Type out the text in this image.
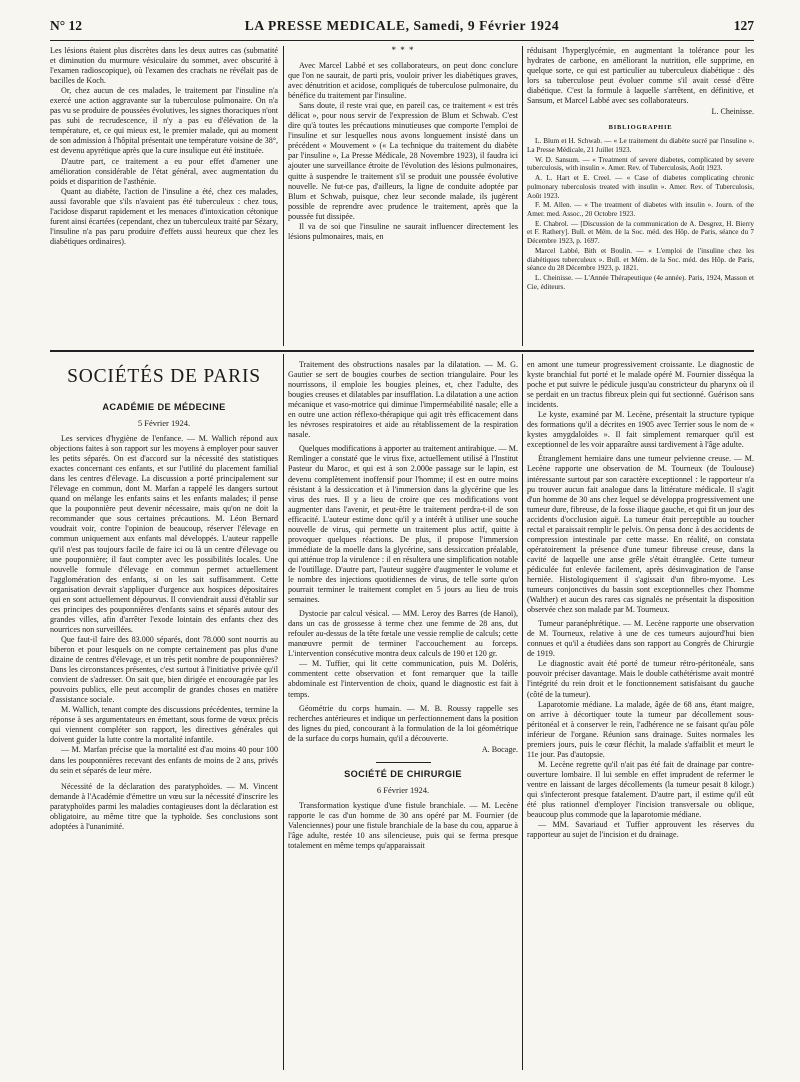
N° 12	LA PRESSE MEDICALE, Samedi, 9 Février 1924	127

Les lésions étaient plus discrètes dans les deux autres cas (submatité et diminution du murmure vésiculaire du sommet, avec obscurité à l'examen radioscopique), où l'examen des crachats ne révélait pas de bacilles de Koch.

Or, chez aucun de ces malades, le traitement par l'insuline n'a exercé une action aggravante sur la tuberculose pulmonaire. On n'a pas vu se produire de poussées évolutives, les signes thoraciques n'ont pas subi de recrudescence, il n'y a pas eu d'élévation de la température, et, ce qui mieux est, le premier malade, qui au moment de son admission à l'hôpital présentait une température voisine de 38°, est devenu apyrétique après que la cure insulique eut été instituée.

D'autre part, ce traitement a eu pour effet d'amener une amélioration considérable de l'état général, avec augmentation du poids et disparition de l'asthénie.

Quant au diabète, l'action de l'insuline a été, chez ces malades, aussi favorable que s'ils n'avaient pas été tuberculeux : chez tous, l'acidose disparut rapidement et les menaces d'intoxication cétonique furent ainsi écartées (cependant, chez un tuberculeux traité par Sézary, l'insuline n'a pas paru produire d'effets aussi heureux que chez les diabétiques ordinaires).

* * *

Avec Marcel Labbé et ses collaborateurs, on peut donc conclure que l'on ne saurait, de parti pris, vouloir priver les diabétiques graves, avec dénutrition et acidose, compliqués de tuberculose pulmonaire, du bénéfice du traitement par l'insuline.

Sans doute, il reste vrai que, en pareil cas, ce traitement « est très délicat », pour nous servir de l'expression de Blum et Schwab. C'est dire qu'à toutes les précautions minutieuses que comporte l'emploi de l'insuline et sur lesquelles nous avons longuement insisté dans un précédent « Mouvement » (« La technique du traitement du diabète par l'insuline », La Presse Médicale, 28 Novembre 1923), il faudra ici ajouter une surveillance étroite de l'évolution des lésions pulmonaires, quitte à suspendre le traitement s'il se produit une poussée évolutive nouvelle. Ne fut-ce pas, d'ailleurs, la ligne de conduite adoptée par Blum et Schwab, puisque, chez leur seconde malade, ils jugèrent possible de reprendre avec prudence le traitement, après que la poussée fut dissipée.

Il va de soi que l'insuline ne saurait influencer directement les lésions pulmonaires, mais, en

réduisant l'hyperglycémie, en augmentant la tolérance pour les hydrates de carbone, en améliorant la nutrition, elle supprime, en quelque sorte, ce qui est particulier au tuberculeux diabétique : dès lors sa tuberculose peut évoluer comme s'il avait cessé d'être diabétique. C'est la formule à laquelle s'arrêtent, en définitive, et Sansum, et Marcel Labbé avec ses collaborateurs.

L. Cheinisse.

BIBLIOGRAPHIE

L. Blum et H. Schwab. — « Le traitement du diabète sucré par l'insuline ». La Presse Médicale, 21 Juillet 1923.

W. D. Sansum. — « Treatment of severe diabetes, complicated by severe tuberculosis, with insulin ». Amer. Rev. of Tuberculosis, Août 1923.

A. L. Hart et E. Creel. — « Case of diabetes complicating chronic pulmonary tuberculosis treated with insulin ». Amer. Rev. of Tuberculosis, Août 1923.

F. M. Allen. — « The treatment of diabetes with insulin ». Journ. of the Amer. med. Assoc., 20 Octobre 1923.

E. Chabrol. — [Discussion de la communication de A. Desgrez, H. Bierry et F. Rathery]. Bull. et Mém. de la Soc. méd. des Hôp. de Paris, séance du 7 Décembre 1923, p. 1697.

Marcel Labbé, Bith et Boulin. — « L'emploi de l'insuline chez les diabétiques tuberculeux ». Bull. et Mém. de la Soc. méd. des Hôp. de Paris, séance du 28 Décembre 1923, p. 1821.

L. Cheinisse. — L'Année Thérapeutique (4e année). Paris, 1924, Masson et Cie, éditeurs.

SOCIÉTÉS DE PARIS
ACADÉMIE DE MÉDECINE
5 Février 1924.

Les services d'hygiène de l'enfance. — M. Wallich répond aux objections faites à son rapport sur les moyens à employer pour sauver les petits séparés. On est d'accord sur la nécessité des statistiques exactes concernant ces enfants, et sur l'utilité du placement familial dans les centres d'élevage. La discussion a porté principalement sur l'élevage en commun, dont M. Marfan a rappelé les dangers surtout quand on mélange les enfants sains et les enfants malades; il pense que la pouponnière peut devenir nécessaire, mais qu'on ne doit la recommander que sous certaines précautions. M. Léon Bernard voudrait voir, contre l'opinion de beaucoup, réserver l'élevage en commun uniquement aux enfants mal développés. L'auteur rappelle qu'il n'est pas toujours facile de faire ici ou là un centre d'élevage ou une pouponnière; il faut compter avec les possibilités locales. Une nouvelle formule d'élevage en commun permet actuellement l'agglomération des enfants, si on les sait suffisamment. Cette organisation devrait s'appliquer d'urgence aux hospices dépositaires qui en sont actuellement dépourvus. Il conviendrait aussi d'établir sur ces principes des pouponnières d'enfants sains et séparés autour des grandes villes, afin d'arrêter l'exode lointain des enfants chez des nourrices non surveillées.

Que faut-il faire des 83.000 séparés, dont 78.000 sont nourris au biberon et pour lesquels on ne compte certainement pas plus d'une dizaine de centres d'élevage, et un très petit nombre de pouponnières? Dans les circonstances présentes, c'est surtout à l'initiative privée qu'il convient de s'adresser. On sait que, bien dirigée et encouragée par les pouvoirs publics, elle peut accomplir de grandes choses en matière d'assistance sociale.

M. Wallich, tenant compte des discussions précédentes, termine la réponse à ses argumentateurs en émettant, sous forme de vœux précis qui viennent compléter son rapport, les directives générales qui doivent guider la lutte contre la mortalité infantile.

— M. Marfan précise que la mortalité est d'au moins 40 pour 100 dans les pouponnières recevant des enfants de moins de 2 ans, privés du sein et séparés de leur mère.

Nécessité de la déclaration des paratyphoïdes. — M. Vincent demande à l'Académie d'émettre un vœu sur la nécessité d'inscrire les paratyphoïdes parmi les maladies contagieuses dont la déclaration est obligatoire, au même titre que la typhoïde. Ses conclusions sont adoptées à l'unanimité.

Traitement des obstructions nasales par la dilatation. — M. G. Gautier se sert de bougies courbes de section triangulaire. Pour les nourrissons, il emploie les bougies pleines, et, chez l'adulte, des bougies creuses et dilatables par insufflation. La dilatation a une action mécanique et vaso-motrice qui diminue l'imperméabilité nasale; elle a en outre une action réflexo-thérapique qui agit très efficacement dans les névroses respiratoires et aide au rétablissement de la respiration nasale.

Quelques modifications à apporter au traitement antirabique. — M. Remlinger a constaté que le virus fixe, actuellement utilisé à l'Institut Pasteur du Maroc, et qui est à son 2.000e passage sur le lapin, est devenu complètement inoffensif pour l'homme; il est en outre moins résistant à la dessiccation et à l'immersion dans la glycérine que les virus des rues. Il y a lieu de croire que ces modifications vont augmenter dans l'avenir, et peut-être le traitement perdra-t-il de son efficacité. L'auteur estime donc qu'il y a intérêt à utiliser une souche nouvelle de virus, qui permette un traitement plus actif, quitte à provoquer quelques réactions. De plus, il propose l'immersion immédiate de la moelle dans la glycérine, sans dessiccation préalable, qui atténue trop la virulence : il en résultera une simplification notable de l'outillage. D'autre part, l'auteur suggère d'augmenter le volume et le nombre des injections quotidiennes de virus, de telle sorte qu'on pourrait terminer le traitement complet en 5 jours au lieu de trois semaines.

Dystocie par calcul vésical. — MM. Leroy des Barres (de Hanoï), dans un cas de grossesse à terme chez une femme de 28 ans, dut refouler au-dessus de la tête fœtale une vessie remplie de calculs; cette manœuvre permit de terminer l'accouchement au forceps. L'intervention consécutive montra deux calculs de 190 et 120 gr.

— M. Tuffier, qui lit cette communication, puis M. Doléris, commentent cette observation et font remarquer que la taille abdominale est l'intervention de choix, quand le diagnostic est fait à temps.

Géométrie du corps humain. — M. B. Roussy rappelle ses recherches antérieures et indique un perfectionnement dans la position des lignes du pied, concourant à la formulation de la loi géométrique de la surface du corps humain, qu'il a découverte.

A. Bocage.

SOCIÉTÉ DE CHIRURGIE
6 Février 1924.

Transformation kystique d'une fistule branchiale. — M. Lecène rapporte le cas d'un homme de 30 ans opéré par M. Fournier (de Valenciennes) pour une fistule branchiale de la base du cou, apparue à l'âge adulte, restée 10 ans silencieuse, puis qui se ferma presque totalement en même temps qu'apparaissait

en amont une tumeur progressivement croissante. Le diagnostic de kyste branchial fut porté et le malade opéré M. Fournier disséqua la poche et put suivre le pédicule jusqu'au constricteur du pharynx où il se perdait en un tractus fibreux plein qui fut sectionné. Guérison sans incidents.

Le kyste, examiné par M. Lecène, présentait la structure typique des formations qu'il a décrites en 1905 avec Terrier sous le nom de « kystes amygdaloïdes ». Il fait simplement remarquer qu'il est exceptionnel de les voir apparaître aussi tardivement à l'âge adulte.

Étranglement herniaire dans une tumeur pelvienne creuse. — M. Lecène rapporte une observation de M. Tourneux (de Toulouse) intéressante surtout par son caractère exceptionnel : le rapporteur n'a pu trouver aucun fait analogue dans la littérature médicale. Il s'agit d'un homme de 30 ans chez lequel se développa progressivement une tumeur dure, fibreuse, de la fosse iliaque gauche, et qui fit un jour des accidents d'occlusion aiguë. La tumeur était perceptible au toucher rectal et paraissait remplir le pelvis. On pensa donc à des accidents de compression intestinale par cette masse. En réalité, on constata opératoirement la présence d'une tumeur fibreuse creuse, dans la cavité de laquelle une anse grêle s'était étranglée. Cette tumeur pédiculée fut enlevée facilement, après désinvagination de l'anse herniée. Histologiquement il s'agissait d'un fibro-myome. Les tumeurs conjonctives du bassin sont exceptionnelles chez l'homme (Walther) et aucun des rares cas signalés ne présentait la disposition observée chez son malade par M. Tourneux.

Tumeur paranéphrétique. — M. Lecène rapporte une observation de M. Tourneux, relative à une de ces tumeurs aujourd'hui bien connues et qu'il a étudiées dans son rapport au Congrès de Chirurgie de 1919.

Le diagnostic avait été porté de tumeur rétro-péritonéale, sans pouvoir préciser davantage. Mais le double cathétérisme avait montré l'intégrité du rein droit et le fonctionnement satisfaisant du gauche (côté de la tumeur).

Laparotomie médiane. La malade, âgée de 68 ans, étant maigre, on arrive à décortiquer toute la tumeur par décollement sous-péritonéal et à conserver le rein, l'adhérence ne se faisant qu'au pôle inférieur de l'organe. Réunion sans drainage. Suites normales les premiers jours, puis le cœur fléchit, la malade s'affaiblit et meurt le 11e jour. Pas d'autopsie.

M. Lecène regrette qu'il n'ait pas été fait de drainage par contre-ouverture lombaire. Il lui semble en effet imprudent de refermer le ventre en laissant de larges décollements (la tumeur pesait 8 kilogr.) qui s'infecteront presque fatalement. D'autre part, il estime qu'il eût été plus rationnel d'employer l'incision transversale ou oblique, beaucoup plus commode que la laparotomie médiane.

— MM. Savariaud et Tuffier approuvent les réserves du rapporteur au sujet de l'incision et du drainage.
